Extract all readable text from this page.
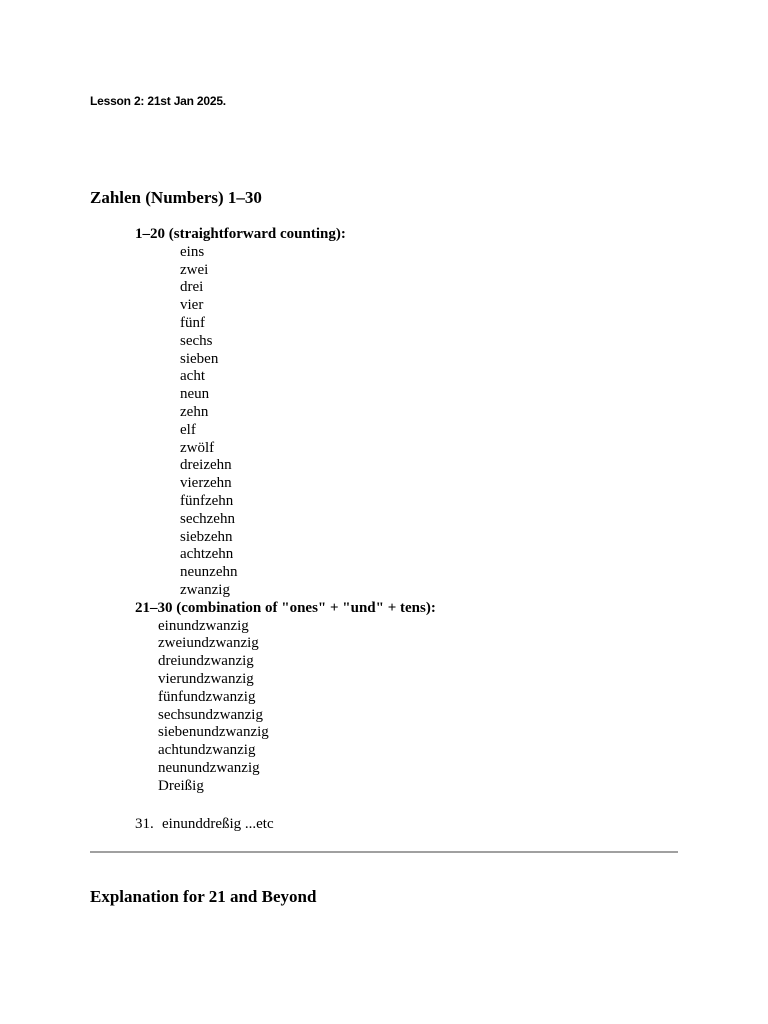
Lesson 2: 21st Jan 2025.
Zahlen (Numbers) 1–30
1–20 (straightforward counting):
eins
zwei
drei
vier
fünf
sechs
sieben
acht
neun
zehn
elf
zwölf
dreizehn
vierzehn
fünfzehn
sechzehn
siebzehn
achtzehn
neunzehn
zwanzig
21–30 (combination of "ones" + "und" + tens):
einundzwanzig
zweiundzwanzig
dreiundzwanzig
vierundzwanzig
fünfundzwanzig
sechsundzwanzig
siebenundzwanzig
achtundzwanzig
neunundzwanzig
Dreißig
31. einunddreßig ...etc
Explanation for 21 and Beyond
